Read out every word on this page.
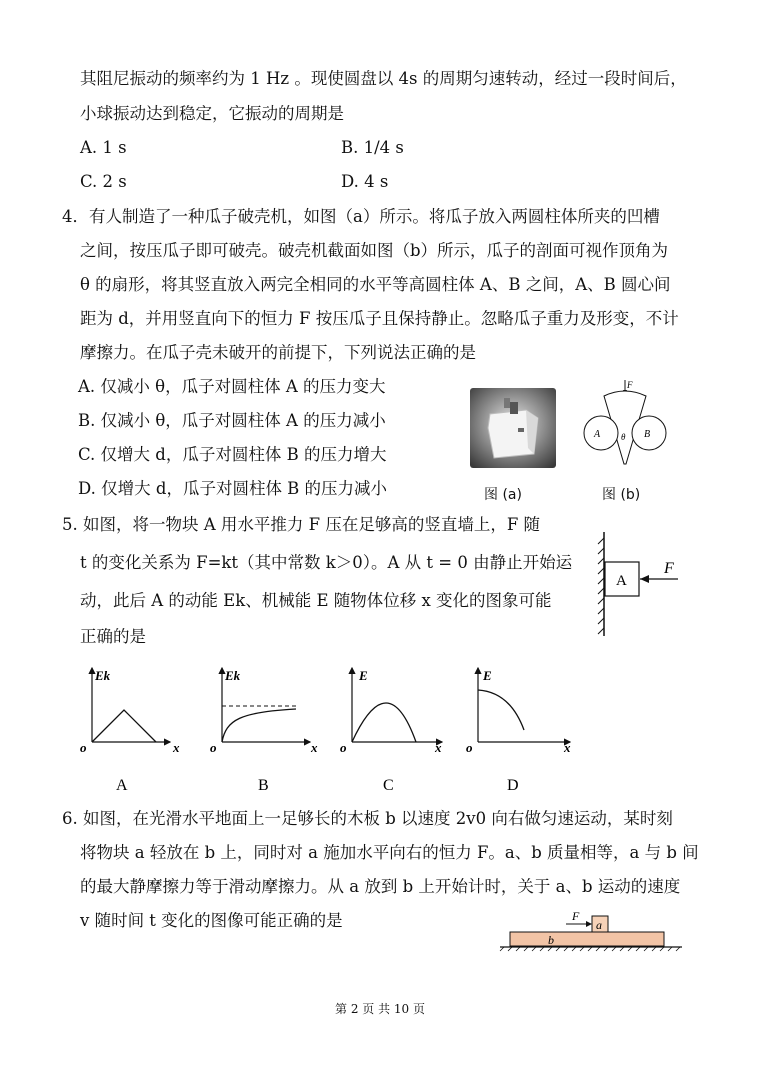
其阻尼振动的频率约为 1 Hz 。现使圆盘以 4s 的周期匀速转动，经过一段时间后，
小球振动达到稳定，它振动的周期是
A. 1 s	B. 1/4 s
C. 2 s	D. 4 s
4．有人制造了一种瓜子破壳机，如图（a）所示。将瓜子放入两圆柱体所夹的凹槽
之间，按压瓜子即可破壳。破壳机截面如图（b）所示，瓜子的剖面可视作顶角为
θ 的扇形，将其竖直放入两完全相同的水平等高圆柱体 A、B 之间，A、B 圆心间
距为 d，并用竖直向下的恒力 F 按压瓜子且保持静止。忽略瓜子重力及形变，不计
摩擦力。在瓜子壳未破开的前提下，下列说法正确的是
A. 仅减小 θ，瓜子对圆柱体 A 的压力变大
B. 仅减小 θ，瓜子对圆柱体 A 的压力减小
C. 仅增大 d，瓜子对圆柱体 B 的压力增大
D. 仅增大 d，瓜子对圆柱体 B 的压力减小	图 (a)
F
A	B
θ
图 (b)
5. 如图，将一物块 A 用水平推力 F 压在足够高的竖直墙上，F 随
t 的变化关系为 F=kt（其中常数 k＞0）。A 从 t = 0 由静止开始运
动，此后 A 的动能 Ek、机械能 E 随物体位移 x 变化的图象可能
正确的是
A
F
Ek
o	x
A
Ek
o	x
B
E
o	x
C
E
o	x
D
6. 如图，在光滑水平地面上一足够长的木板 b 以速度 2v0 向右做匀速运动，某时刻
将物块 a 轻放在 b 上，同时对 a 施加水平向右的恒力 F。a、b 质量相等，a 与 b 间
的最大静摩擦力等于滑动摩擦力。从 a 放到 b 上开始计时，关于 a、b 运动的速度
v 随时间 t 变化的图像可能正确的是	F
a
b
第 2 页 共 10 页
